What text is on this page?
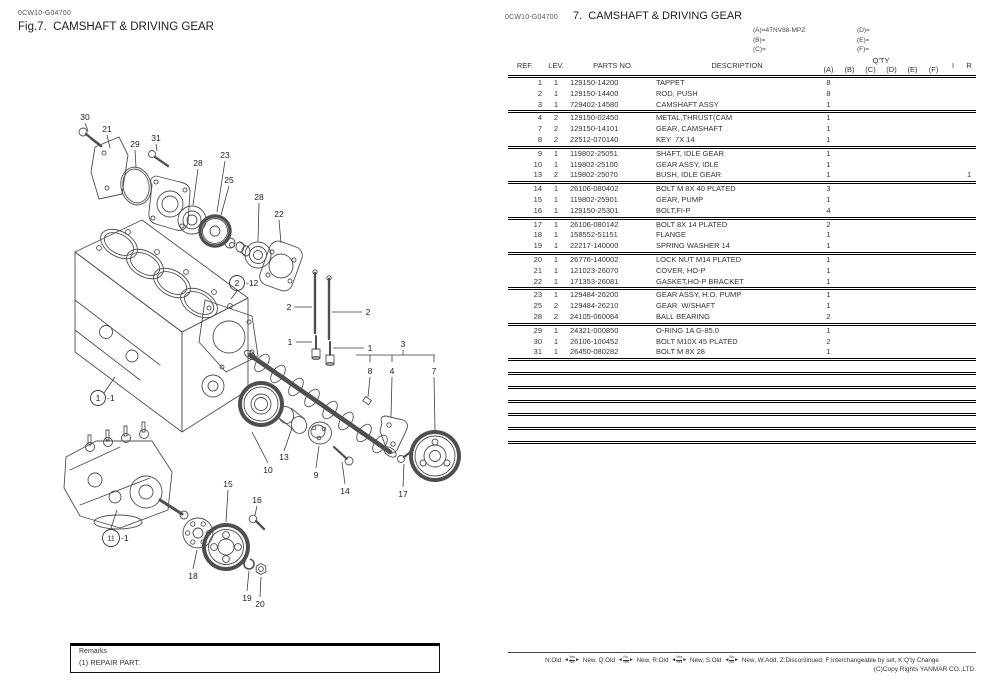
0CW10-G04700
Fig.7.  CAMSHAFT & DRIVING GEAR
30
21
29
31
23
28
25
28
22
2 -12
2	2
1
1	3
8 4	7
1 -1
13
10	9
14	17
15
16
11 -1
18
19
20
Remarks
(1) REPAIR PART.
0CW10-G04700 7.  CAMSHAFT & DRIVING GEAR
(A)=4TNV88-MPZ
(B)=
(C)=
(D)=
(E)=
(F)=
REF.	LEV.	PARTS NO.	DESCRIPTION	Q'TY						I	R
				(A)	(B)	(C)	(D)	(E)	(F)		
1	1	129150-14200	TAPPET	8							
2	1	129150-14400	ROD, PUSH	8							
3	1	729402-14580	CAMSHAFT ASSY	1							
4	2	129150-02450	METAL,THRUST(CAM	1							
7	2	129150-14101	GEAR, CAMSHAFT	1							
8	2	22512-070140	KEY  7X 14	1							
9	1	119802-25051	SHAFT, IDLE GEAR	1							
10	1	119802-25100	GEAR ASSY, IDLE	1							
13	2	119802-25070	BUSH, IDLE GEAR	1							1
14	1	26106-080402	BOLT M 8X 40 PLATED	3							
15	1	119802-25901	GEAR, PUMP	1							
16	1	129150-25301	BOLT,FI-P	4							
17	1	26106-080142	BOLT 8X 14 PLATED	2							
18	1	158552-51151	FLANGE	1							
19	1	22217-140000	SPRING WASHER 14	1							
20	1	26776-140002	LOCK NUT M14 PLATED	1							
21	1	121023-26070	COVER, HO-P	1							
22	1	171353-26081	GASKET,HO-P BRACKET	1							
23	1	129484-26200	GEAR ASSY, H.O. PUMP	1							
25	2	129484-26210	GEAR  W/SHAFT	1							
28	2	24105-060064	BALL BEARING	2							
29	1	24321-000850	O-RING 1A G-85.0	1							
30	1	26106-100452	BOLT M10X 45 PLATED	2							
31	1	26450-080282	BOLT M 8X 28	1							

N:Old ◄ $\frac{\text{Yes}}{No}$ ► New, Q:Old ◄ $\frac{No}{\text{Yes}}$ ► New, R:Old ◄ $\frac{\text{Yes}}{\text{Yes}}$ ► New, S:Old ◄ $\frac{No}{No}$ ► New, W:Add, Z:Discontinued, F:Interchangeable by set, K:Q'ty Change
(C)Copy Rights YANMAR CO.,LTD.
